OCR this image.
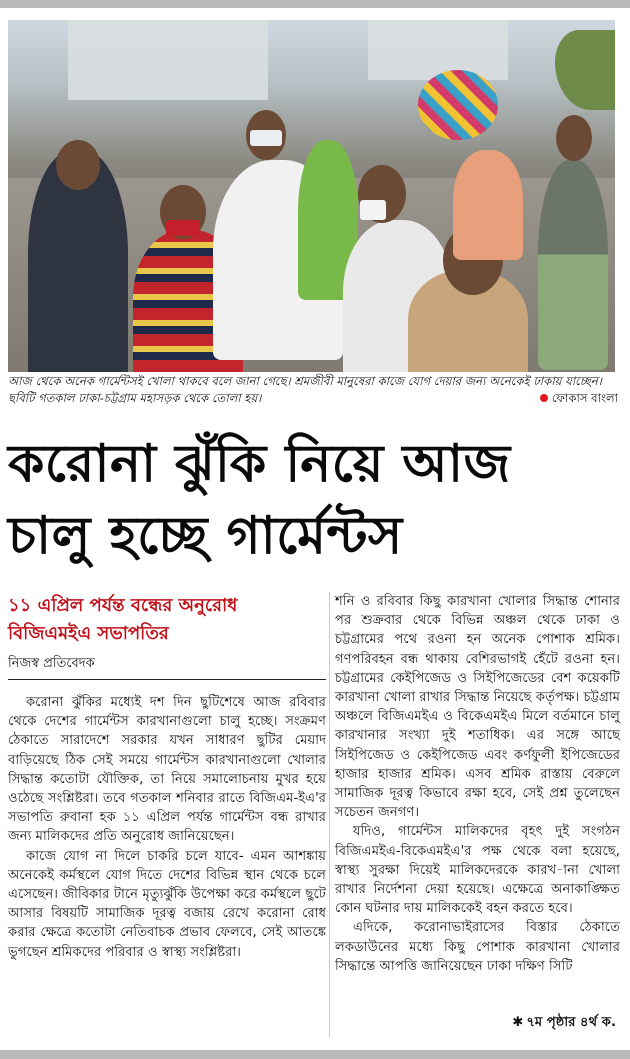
আজ থেকে অনেক গার্মেন্টসই খোলা থাকবে বলে জানা গেছে। শ্রমজীবী মানুষেরা কাজে যোগ দেয়ার জন্য অনেকেই ঢাকায় যাচ্ছেন। ছবিটি গতকাল ঢাকা-চট্টগ্রাম মহাসড়ক থেকে তোলা হয়।	ফোকাস বাংলা
করোনা ঝুঁকি নিয়ে আজ
চালু হচ্ছে গার্মেন্টস
১১ এপ্রিল পর্যন্ত বন্ধের অনুরোধ
বিজিএমইএ সভাপতির
নিজস্ব প্রতিবেদক

করোনা ঝুঁকির মধ্যেই দশ দিন ছুটিশেষে আজ রবিবার থেকে দেশের গার্মেন্টস কারখানাগুলো চালু হচ্ছে। সংক্রমণ ঠেকাতে সারাদেশে সরকার যখন সাধারণ ছুটির মেয়াদ বাড়িয়েছে ঠিক সেই সময়ে গার্মেন্টস কারখানাগুলো খোলার সিদ্ধান্ত কতোটা যৌক্তিক, তা নিয়ে সমালোচনায় মুখর হয়ে ওঠেছে সংশ্লিষ্টরা। তবে গতকাল শনিবার রাতে বিজিএম-ইএ'র সভাপতি রুবানা হক ১১ এপ্রিল পর্যন্ত গার্মেন্টস বন্ধ রাখার জন্য মালিকদের প্রতি অনুরোধ জানিয়েছেন।

কাজে যোগ না দিলে চাকরি চলে যাবে- এমন আশঙ্কায় অনেকেই কর্মস্থলে যোগ দিতে দেশের বিভিন্ন স্থান থেকে চলে এসেছেন। জীবিকার টানে মৃত্যুঝুঁকি উপেক্ষা করে কর্মস্থলে ছুটে আসার বিষয়টি সামাজিক দূরত্ব বজায় রেখে করোনা রোধ করার ক্ষেত্রে কতোটা নেতিবাচক প্রভাব ফেলবে, সেই আতঙ্কে ভুগছেন শ্রমিকদের পরিবার ও স্বাস্থ্য সংশ্লিষ্টরা।

শনি ও রবিবার কিছু কারখানা খোলার সিদ্ধান্ত শোনার পর শুক্রবার থেকে বিভিন্ন অঞ্চল থেকে ঢাকা ও চট্টগ্রামের পথে রওনা হন অনেক পোশাক শ্রমিক। গণপরিবহন বন্ধ থাকায় বেশিরভাগই হেঁটে রওনা হন। চট্টগ্রামের কেইপিজেড ও সিইপিজেডের বেশ কয়েকটি কারখানা খোলা রাখার সিদ্ধান্ত নিয়েছে কর্তৃপক্ষ। চট্টগ্রাম অঞ্চলে বিজিএমইএ ও বিকেএমইএ মিলে বর্তমানে চালু কারখানার সংখ্যা দুই শতাধিক। এর সঙ্গে আছে সিইপিজেড ও কেইপিজেড এবং কর্ণফুলী ইপিজেডের হাজার হাজার শ্রমিক। এসব শ্রমিক রাস্তায় বেরুলে সামাজিক দূরত্ব কিভাবে রক্ষা হবে, সেই প্রশ্ন তুলেছেন সচেতন জনগণ।

যদিও, গার্মেন্টস মালিকদের বৃহৎ দুই সংগঠন বিজিএমইএ-বিকেএমইএ'র পক্ষ থেকে বলা হয়েছে, স্বাস্থ্য সুরক্ষা দিয়েই মালিকদেরকে কারখ-ানা খোলা রাখার নির্দেশনা দেয়া হয়েছে। এক্ষেত্রে অনাকাঙ্ক্ষিত কোন ঘটনার দায় মালিককেই বহন করতে হবে।

এদিকে, করোনাভাইরাসের বিস্তার ঠেকাতে লকডাউনের মধ্যে কিছু পোশাক কারখানা খোলার সিদ্ধান্তে আপত্তি জানিয়েছেন ঢাকা দক্ষিণ সিটি

✱ ৭ম পৃষ্ঠার ৪র্থ ক.
